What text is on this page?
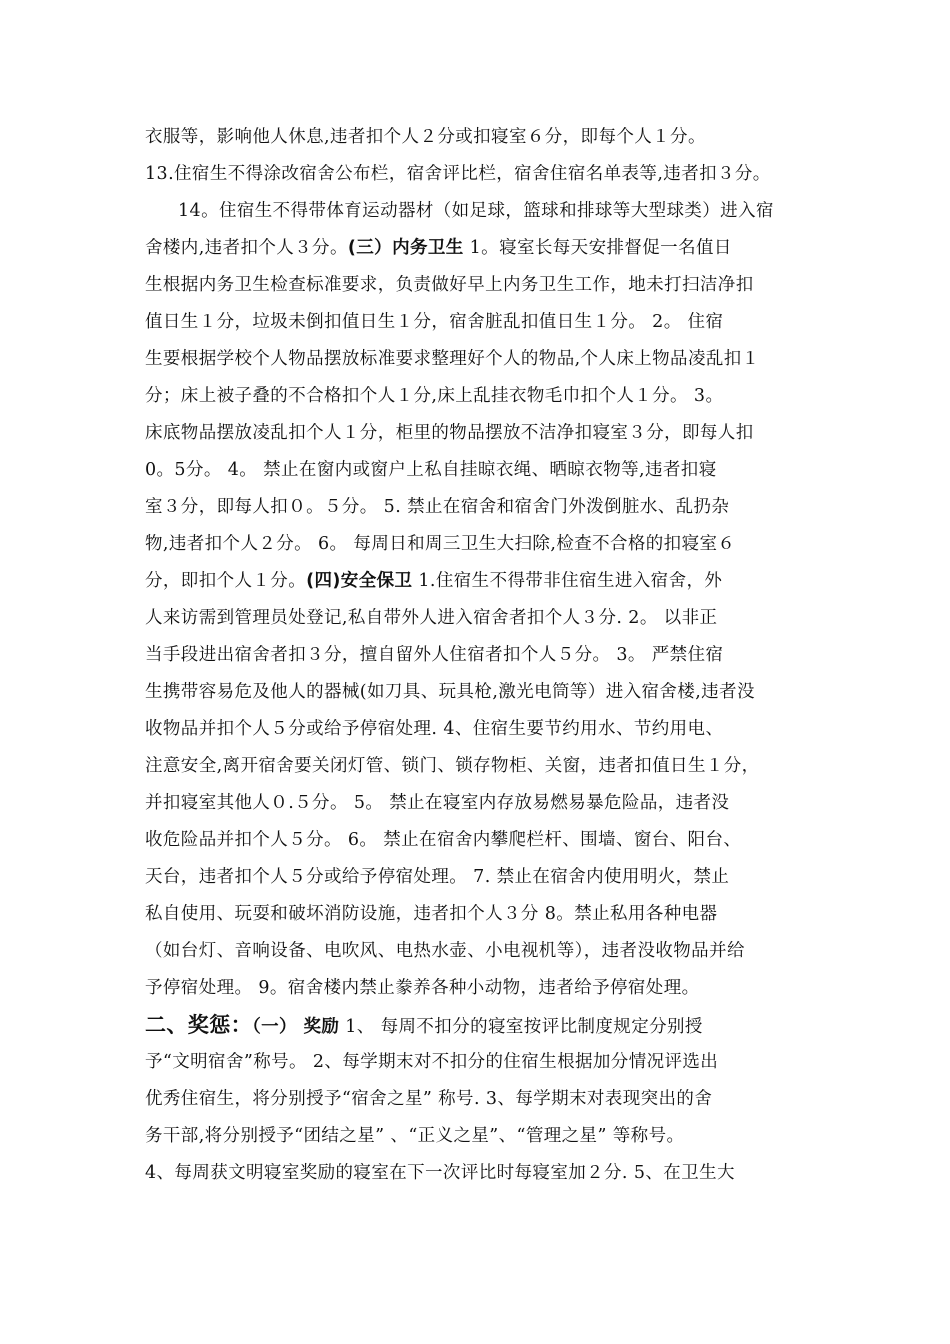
衣服等，影响他人休息,违者扣个人２分或扣寝室６分，即每个人１分。
13.住宿生不得涂改宿舍公布栏，宿舍评比栏，宿舍住宿名单表等,违者扣３分。
14。住宿生不得带体育运动器材（如足球，篮球和排球等大型球类）进入宿
舍楼内,违者扣个人３分。(三）内务卫生 1。寝室长每天安排督促一名值日
生根据内务卫生检查标准要求，负责做好早上内务卫生工作，地未打扫洁净扣
值日生１分，垃圾未倒扣值日生１分，宿舍脏乱扣值日生１分。 2。 住宿
生要根据学校个人物品摆放标准要求整理好个人的物品,个人床上物品凌乱扣１
分；床上被子叠的不合格扣个人１分,床上乱挂衣物毛巾扣个人１分。 3。
床底物品摆放凌乱扣个人１分，柜里的物品摆放不洁净扣寝室３分，即每人扣
0。5分。 4。 禁止在窗内或窗户上私自挂晾衣绳、晒晾衣物等,违者扣寝
室３分，即每人扣０。５分。 5. 禁止在宿舍和宿舍门外泼倒脏水、乱扔杂
物,违者扣个人２分。 6。 每周日和周三卫生大扫除,检查不合格的扣寝室６
分，即扣个人１分。(四)安全保卫 1.住宿生不得带非住宿生进入宿舍，外
人来访需到管理员处登记,私自带外人进入宿舍者扣个人３分. 2。 以非正
当手段进出宿舍者扣３分，擅自留外人住宿者扣个人５分。 3。 严禁住宿
生携带容易危及他人的器械(如刀具、玩具枪,激光电筒等）进入宿舍楼,违者没
收物品并扣个人５分或给予停宿处理. 4、住宿生要节约用水、节约用电、
注意安全,离开宿舍要关闭灯管、锁门、锁存物柜、关窗，违者扣值日生１分，
并扣寝室其他人０.５分。 5。 禁止在寝室内存放易燃易暴危险品，违者没
收危险品并扣个人５分。 6。 禁止在宿舍内攀爬栏杆、围墙、窗台、阳台、
天台，违者扣个人５分或给予停宿处理。 7. 禁止在宿舍内使用明火，禁止
私自使用、玩耍和破坏消防设施，违者扣个人３分 8。禁止私用各种电器
（如台灯、音响设备、电吹风、电热水壶、小电视机等），违者没收物品并给
予停宿处理。 9。宿舍楼内禁止豢养各种小动物，违者给予停宿处理。
二、奖惩：（一） 奖励 1、 每周不扣分的寝室按评比制度规定分别授
予“文明宿舍”称号。 2、每学期末对不扣分的住宿生根据加分情况评选出
优秀住宿生，将分别授予“宿舍之星” 称号. 3、每学期末对表现突出的舍
务干部,将分别授予“团结之星” 、“正义之星”、“管理之星” 等称号。
4、每周获文明寝室奖励的寝室在下一次评比时每寝室加２分. 5、在卫生大
